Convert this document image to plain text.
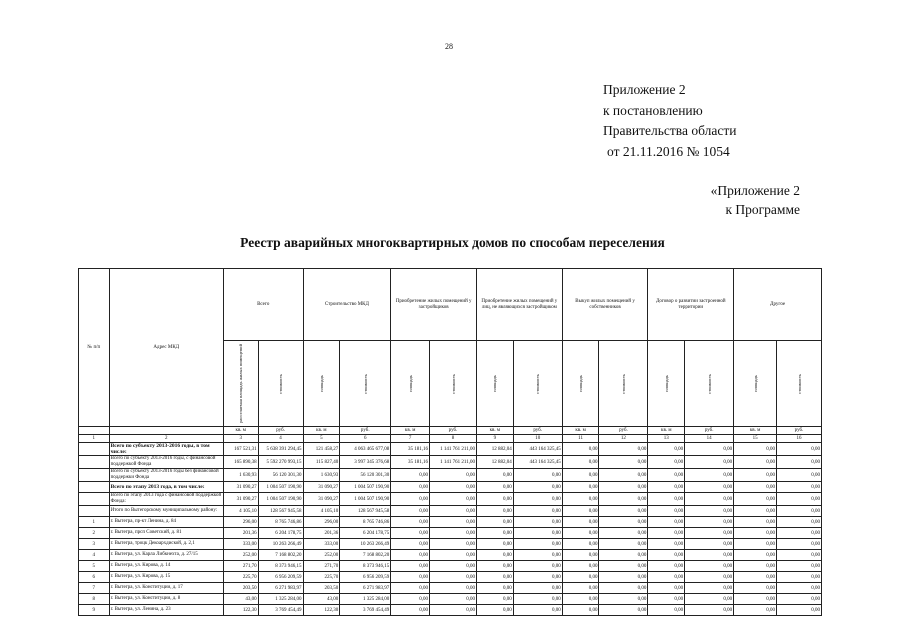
28
Приложение 2
к постановлению
Правительства области
от 21.11.2016 № 1054
«Приложение 2
к Программе
Реестр аварийных многоквартирных домов по способам переселения
№ п/п	Адрес МКД	Всего		Строительство МКД		Приобретение жилых помещений у застройщиков		Приобретение жилых помещений у лиц, не являющихся застройщиком		Выкуп жилых помещений у собственников		Договор о развитии застроенной территории		Другое	

		расселяемая площадь жилых помещений	стоимость	площадь	стоимость	площадь	стоимость	площадь	стоимость	площадь	стоимость	площадь	стоимость	площадь	стоимость

		кв. м	руб.	кв. м	руб.	кв. м	руб.	кв. м	руб.	кв. м	руб.	кв. м	руб.	кв. м	руб.
1	2	3	4	5	6	7	8	9	10	11	12	13	14	15	16
	Всего по субъекту 2013-2016 годы, в том числе:	167 521,31	5 638 391 294,45	121 458,27	4 063 465 677,08	35 181,16	1 141 761 211,00	12 882,04	443 164 325,45	0,00	0,00	0,00	0,00	0,00	0,00
	Всего по субъекту 2013-2016 годы, с финансовой поддержкой Фонда	165 890,38	5 592 270 993,15	115 827,40	3 997 345 376,68	35 181,16	1 141 761 211,00	12 882,04	443 164 325,45	0,00	0,00	0,00	0,00	0,00	0,00
	Всего по субъекту 2013-2016 годы без финансовой поддержки Фонда	1 630,93	56 120 301,30	1 630,93	56 120 301,30	0,00	0,00	0,00	0,00	0,00	0,00	0,00	0,00	0,00	0,00
	Всего по этапу 2013 года, в том числе:	31 090,27	1 004 507 190,90	31 090,27	1 004 507 190,90	0,00	0,00	0,00	0,00	0,00	0,00	0,00	0,00	0,00	0,00
	Всего по этапу 2013 года с финансовой поддержкой Фонда:	31 090,27	1 004 507 190,90	31 090,27	1 004 507 190,90	0,00	0,00	0,00	0,00	0,00	0,00	0,00	0,00	0,00	0,00
	Итого по Вытегорскому муниципальному району:	4 105,10	128 567 945,58	4 105,10	128 567 945,58	0,00	0,00	0,00	0,00	0,00	0,00	0,00	0,00	0,00	0,00
1	г. Вытегра, пр-кт Ленина, д. 84	296,00	8 765 746,86	296,00	8 765 746,86	0,00	0,00	0,00	0,00	0,00	0,00	0,00	0,00	0,00	0,00
2	г. Вытегра, прсп Советский, д. 81	201,36	6 204 178,75	201,36	6 204 178,75	0,00	0,00	0,00	0,00	0,00	0,00	0,00	0,00	0,00	0,00
3	г. Вытегра, троцк Декоархдиской, д. 2,1	333,00	10 263 266,49	333,00	10 263 266,49	0,00	0,00	0,00	0,00	0,00	0,00	0,00	0,00	0,00	0,00
4	г. Вытегра, ул. Карла Либкнехта, д. 27/15	252,00	7 168 802,20	252,00	7 168 802,20	0,00	0,00	0,00	0,00	0,00	0,00	0,00	0,00	0,00	0,00
5	г. Вытегра, ул. Кирова, д. 14	271,70	8 373 946,15	271,70	8 373 946,15	0,00	0,00	0,00	0,00	0,00	0,00	0,00	0,00	0,00	0,00
6	г. Вытегра, ул. Кирова, д. 15	225,70	6 956 209,59	225,70	6 956 209,59	0,00	0,00	0,00	0,00	0,00	0,00	0,00	0,00	0,00	0,00
7	г. Вытегра, ул. Конституции, д. 17	203,50	6 271 983,97	203,50	6 271 983,97	0,00	0,00	0,00	0,00	0,00	0,00	0,00	0,00	0,00	0,00
8	г. Вытегра, ул. Конституции, д. 8	43,00	1 325 284,00	43,00	1 325 284,00	0,00	0,00	0,00	0,00	0,00	0,00	0,00	0,00	0,00	0,00
9	г. Вытегра, ул. Ленина, д. 23	122,30	3 769 454,49	122,30	3 769 454,49	0,00	0,00	0,00	0,00	0,00	0,00	0,00	0,00	0,00	0,00
